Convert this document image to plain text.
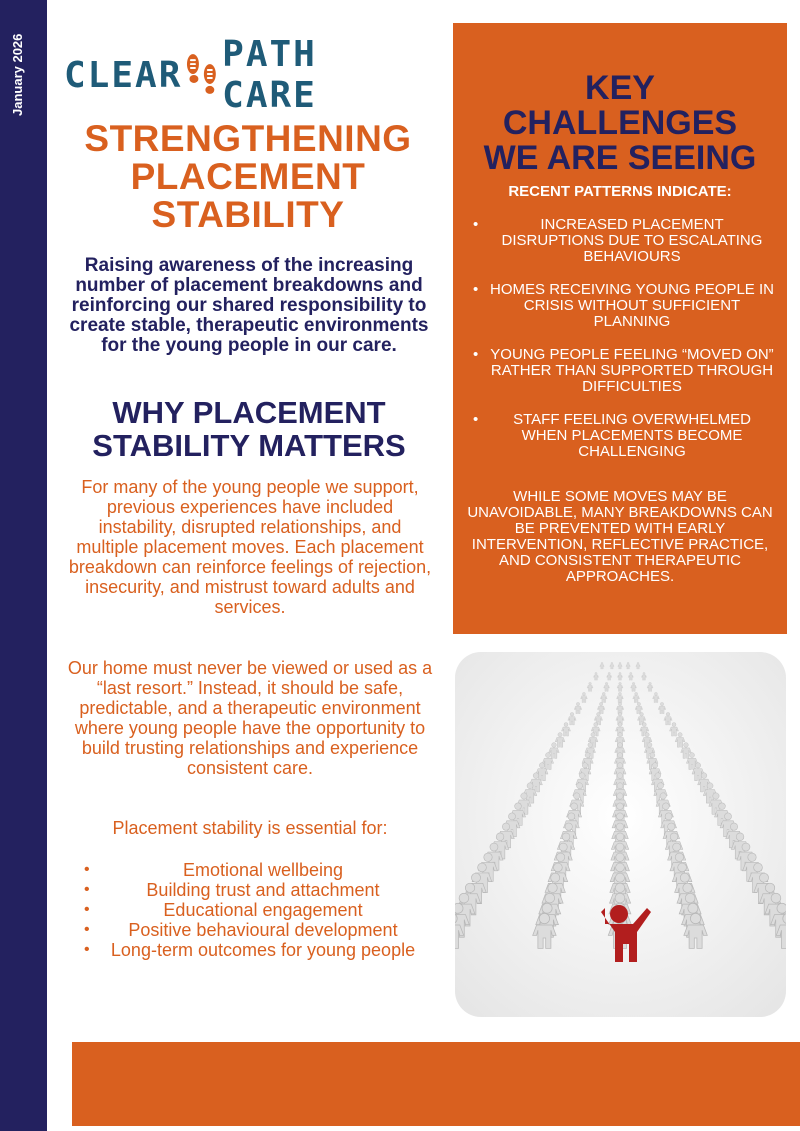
January 2026 CLEAR PATH CARE
STRENGTHENING
PLACEMENT
STABILITY
Raising awareness of the increasing number of placement breakdowns and reinforcing our shared responsibility to create stable, therapeutic environments for the young people in our care.
WHY PLACEMENT
STABILITY MATTERS

For many of the young people we support, previous experiences have included instability, disrupted relationships, and multiple placement moves. Each placement breakdown can reinforce feelings of rejection, insecurity, and mistrust toward adults and services.

Our home must never be viewed or used as a “last resort.” Instead, it should be safe, predictable, and a therapeutic environment where young people have the opportunity to build trusting relationships and experience consistent care.

Placement stability is essential for:

•	Emotional wellbeing
•	Building trust and attachment
•	Educational engagement
• Positive behavioural development
• Long-term outcomes for young people
KEY
CHALLENGES
WE ARE SEEING
RECENT PATTERNS INDICATE:
•	INCREASED PLACEMENT DISRUPTIONS DUE TO ESCALATING BEHAVIOURS
• HOMES RECEIVING YOUNG PEOPLE IN CRISIS WITHOUT SUFFICIENT PLANNING
• YOUNG PEOPLE FEELING “MOVED ON” RATHER THAN SUPPORTED THROUGH DIFFICULTIES
• STAFF FEELING OVERWHELMED WHEN PLACEMENTS BECOME CHALLENGING

WHILE SOME MOVES MAY BE UNAVOIDABLE, MANY BREAKDOWNS CAN BE PREVENTED WITH EARLY INTERVENTION, REFLECTIVE PRACTICE, AND CONSISTENT THERAPEUTIC APPROACHES.
